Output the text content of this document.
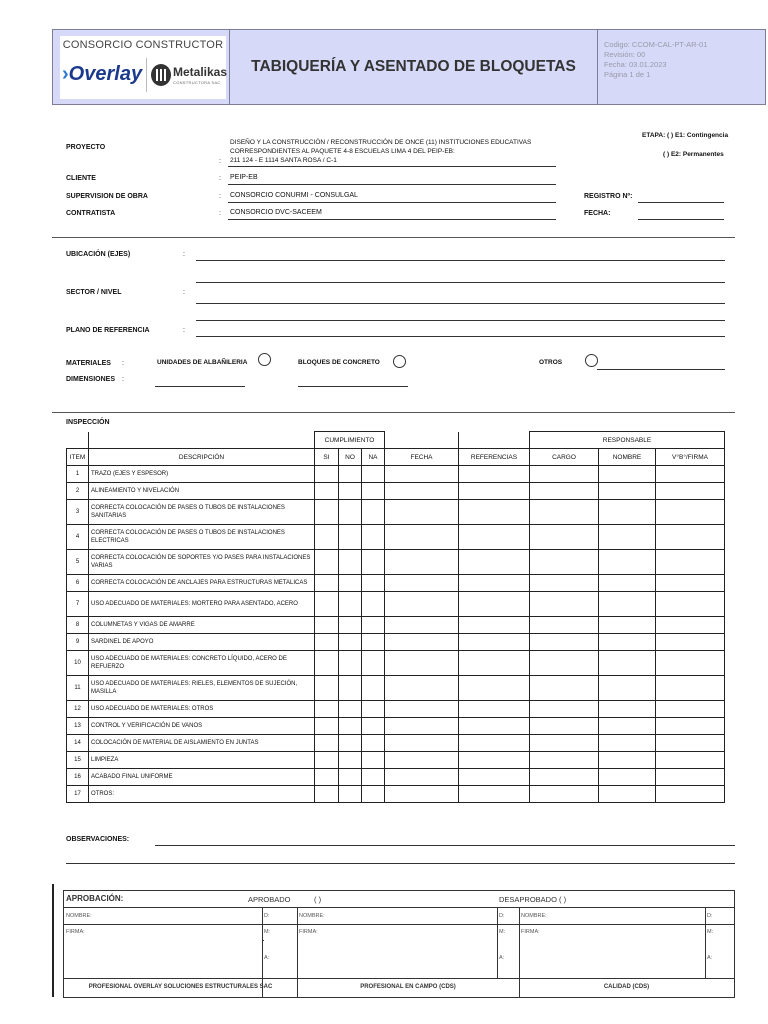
CONSORCIO CONSTRUCTOR
›Overlay	Metalikas
CONSTRUCTORA SAC
TABIQUERÍA Y ASENTADO DE BLOQUETAS
Codigo: CCOM-CAL-PT-AR-01
Revisión: 00
Fecha: 03.01.2023
Página 1 de 1
PROYECTO
DISEÑO Y LA CONSTRUCCIÓN / RECONSTRUCCIÓN DE ONCE (11) INSTITUCIONES EDUCATIVAS
CORRESPONDIENTES AL PAQUETE 4-8 ESCUELAS LIMA 4 DEL PEIP-EB:
: 211 124 - E 1114 SANTA ROSA / C-1
ETAPA: ( ) E1: Contingencia
( ) E2: Permanentes
CLIENTE	: PEIP-EB
SUPERVISION DE OBRA	: CONSORCIO CONURMI - CONSULGAL
CONTRATISTA	: CONSORCIO DVC-SACEEM
REGISTRO Nº:
FECHA:
UBICACIÓN (EJES)	:
SECTOR / NIVEL	:
PLANO DE REFERENCIA	:
MATERIALES :	UNIDADES DE ALBAÑILERIA	BLOQUES DE CONCRETO	OTROS
DIMENSIONES :
INSPECCIÓN
		CUMPLIMIENTO					RESPONSABLE		
ITEM	DESCRIPCIÓN	SI	NO	NA	FECHA	REFERENCIAS	CARGO	NOMBRE	V°B°/FIRMA
1	TRAZO (EJES Y ESPESOR)								
2	ALINEAMIENTO Y NIVELACIÓN								
3	CORRECTA COLOCACIÓN DE PASES O TUBOS DE INSTALACIONES SANITARIAS								
4	CORRECTA COLOCACIÓN DE PASES O TUBOS DE INSTALACIONES ELECTRICAS								
5	CORRECTA COLOCACIÓN DE SOPORTES Y/O PASES PARA INSTALACIONES VARIAS								
6	CORRECTA COLOCACIÓN DE ANCLAJES PARA ESTRUCTURAS METALICAS								
7	USO ADECUADO DE MATERIALES: MORTERO PARA ASENTADO, ACERO								
8	COLUMNETAS Y VIGAS DE AMARRE								
9	SARDINEL DE APOYO								
10	USO ADECUADO DE MATERIALES: CONCRETO LÍQUIDO, ACERO DE REFUERZO								
11	USO ADECUADO DE MATERIALES: RIELES, ELEMENTOS DE SUJECIÓN, MASILLA								
12	USO ADECUADO DE MATERIALES: OTROS								
13	CONTROL Y VERIFICACIÓN DE VANOS								
14	COLOCACIÓN DE MATERIAL DE AISLAMIENTO EN JUNTAS								
15	LIMPIEZA								
16	ACABADO FINAL UNIFORME								
17	OTROS:								
OBSERVACIONES:
APROBACIÓN:	APROBADO	( )	DESAPROBADO ( )
NOMBRE:	D:
FIRMA:	M:
A:
NOMBRE:	D:
FIRMA:	M:
A:
NOMBRE:	D:
FIRMA:	M:
A:
PROFESIONAL OVERLAY SOLUCIONES ESTRUCTURALES SAC	PROFESIONAL EN CAMPO (CDS)	CALIDAD (CDS)
